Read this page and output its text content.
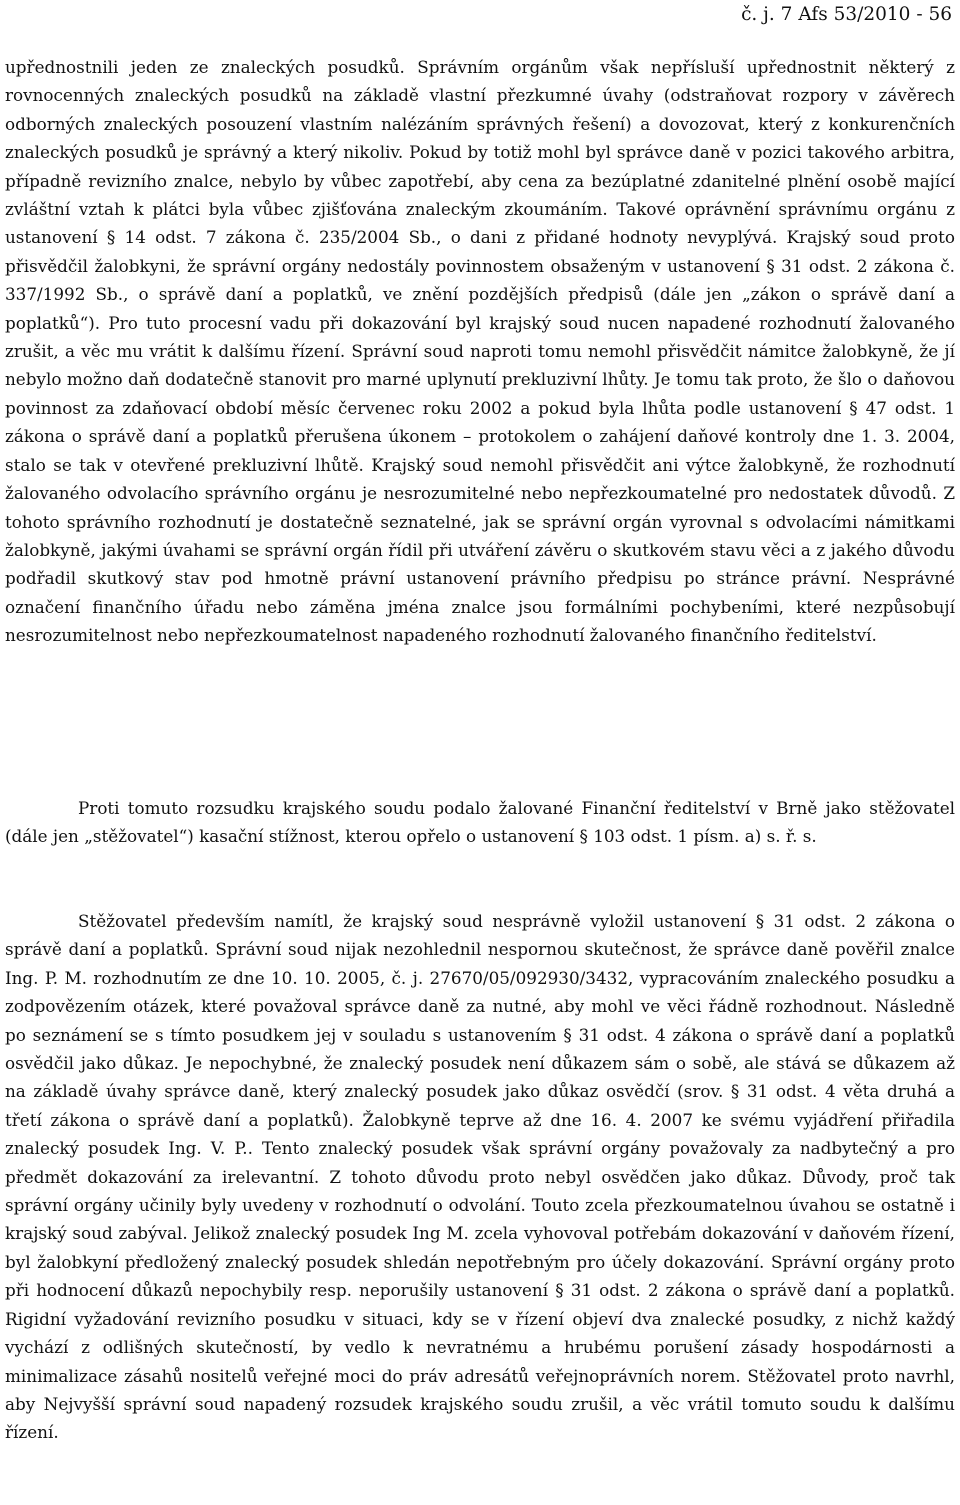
č. j. 7 Afs 53/2010 - 56

upřednostnili jeden ze znaleckých posudků. Správním orgánům však nepřísluší upřednostnit některý z rovnocenných znaleckých posudků na základě vlastní přezkumné úvahy (odstraňovat rozpory v závěrech odborných znaleckých posouzení vlastním nalézáním správných řešení) a dovozovat, který z konkurenčních znaleckých posudků je správný a který nikoliv. Pokud by totiž mohl byl správce daně v pozici takového arbitra, případně revizního znalce, nebylo by vůbec zapotřebí, aby cena za bezúplatné zdanitelné plnění osobě mající zvláštní vztah k plátci byla vůbec zjišťována znaleckým zkoumáním. Takové oprávnění správnímu orgánu z ustanovení § 14 odst. 7 zákona č. 235/2004 Sb., o dani z přidané hodnoty nevyplývá. Krajský soud proto přisvědčil žalobkyni, že správní orgány nedostály povinnostem obsaženým v ustanovení § 31 odst. 2 zákona č. 337/1992 Sb., o správě daní a poplatků, ve znění pozdějších předpisů (dále jen „zákon o správě daní a poplatků“). Pro tuto procesní vadu při dokazování byl krajský soud nucen napadené rozhodnutí žalovaného zrušit, a věc mu vrátit k dalšímu řízení. Správní soud naproti tomu nemohl přisvědčit námitce žalobkyně, že jí nebylo možno daň dodatečně stanovit pro marné uplynutí prekluzivní lhůty. Je tomu tak proto, že šlo o daňovou povinnost za zdaňovací období měsíc červenec roku 2002 a pokud byla lhůta podle ustanovení § 47 odst. 1 zákona o správě daní a poplatků přerušena úkonem – protokolem o zahájení daňové kontroly dne 1. 3. 2004, stalo se tak v otevřené prekluzivní lhůtě. Krajský soud nemohl přisvědčit ani výtce žalobkyně, že rozhodnutí žalovaného odvolacího správního orgánu je nesrozumitelné nebo nepřezkoumatelné pro nedostatek důvodů. Z tohoto správního rozhodnutí je dostatečně seznatelné, jak se správní orgán vyrovnal s odvolacími námitkami žalobkyně, jakými úvahami se správní orgán řídil při utváření závěru o skutkovém stavu věci a z jakého důvodu podřadil skutkový stav pod hmotně právní ustanovení právního předpisu po stránce právní. Nesprávné označení finančního úřadu nebo záměna jména znalce jsou formálními pochybeními, které nezpůsobují nesrozumitelnost nebo nepřezkoumatelnost napadeného rozhodnutí žalovaného finančního ředitelství.

Proti tomuto rozsudku krajského soudu podalo žalované Finanční ředitelství v Brně jako stěžovatel (dále jen „stěžovatel“) kasační stížnost, kterou opřelo o ustanovení § 103 odst. 1 písm. a) s. ř. s.

Stěžovatel především namítl, že krajský soud nesprávně vyložil ustanovení § 31 odst. 2 zákona o správě daní a poplatků. Správní soud nijak nezohlednil nespornou skutečnost, že správce daně pověřil znalce Ing. P. M. rozhodnutím ze dne 10. 10. 2005, č. j. 27670/05/092930/3432, vypracováním znaleckého posudku a zodpovězením otázek, které považoval správce daně za nutné, aby mohl ve věci řádně rozhodnout. Následně po seznámení se s tímto posudkem jej v souladu s ustanovením § 31 odst. 4 zákona o správě daní a poplatků osvědčil jako důkaz. Je nepochybné, že znalecký posudek není důkazem sám o sobě, ale stává se důkazem až na základě úvahy správce daně, který znalecký posudek jako důkaz osvědčí (srov. § 31 odst. 4 věta druhá a třetí zákona o správě daní a poplatků). Žalobkyně teprve až dne 16. 4. 2007 ke svému vyjádření přiřadila znalecký posudek Ing. V. P.. Tento znalecký posudek však správní orgány považovaly za nadbytečný a pro předmět dokazování za irelevantní. Z tohoto důvodu proto nebyl osvědčen jako důkaz. Důvody, proč tak správní orgány učinily byly uvedeny v rozhodnutí o odvolání. Touto zcela přezkoumatelnou úvahou se ostatně i krajský soud zabýval. Jelikož znalecký posudek Ing M. zcela vyhovoval potřebám dokazování v daňovém řízení, byl žalobkyní předložený znalecký posudek shledán nepotřebným pro účely dokazování. Správní orgány proto při hodnocení důkazů nepochybily resp. neporušily ustanovení § 31 odst. 2 zákona o správě daní a poplatků. Rigidní vyžadování revizního posudku v situaci, kdy se v řízení objeví dva znalecké posudky, z nichž každý vychází z odlišných skutečností, by vedlo k nevratnému a hrubému porušení zásady hospodárnosti a minimalizace zásahů nositelů veřejné moci do práv adresátů veřejnoprávních norem. Stěžovatel proto navrhl, aby Nejvyšší správní soud napadený rozsudek krajského soudu zrušil, a věc vrátil tomuto soudu k dalšímu řízení.
